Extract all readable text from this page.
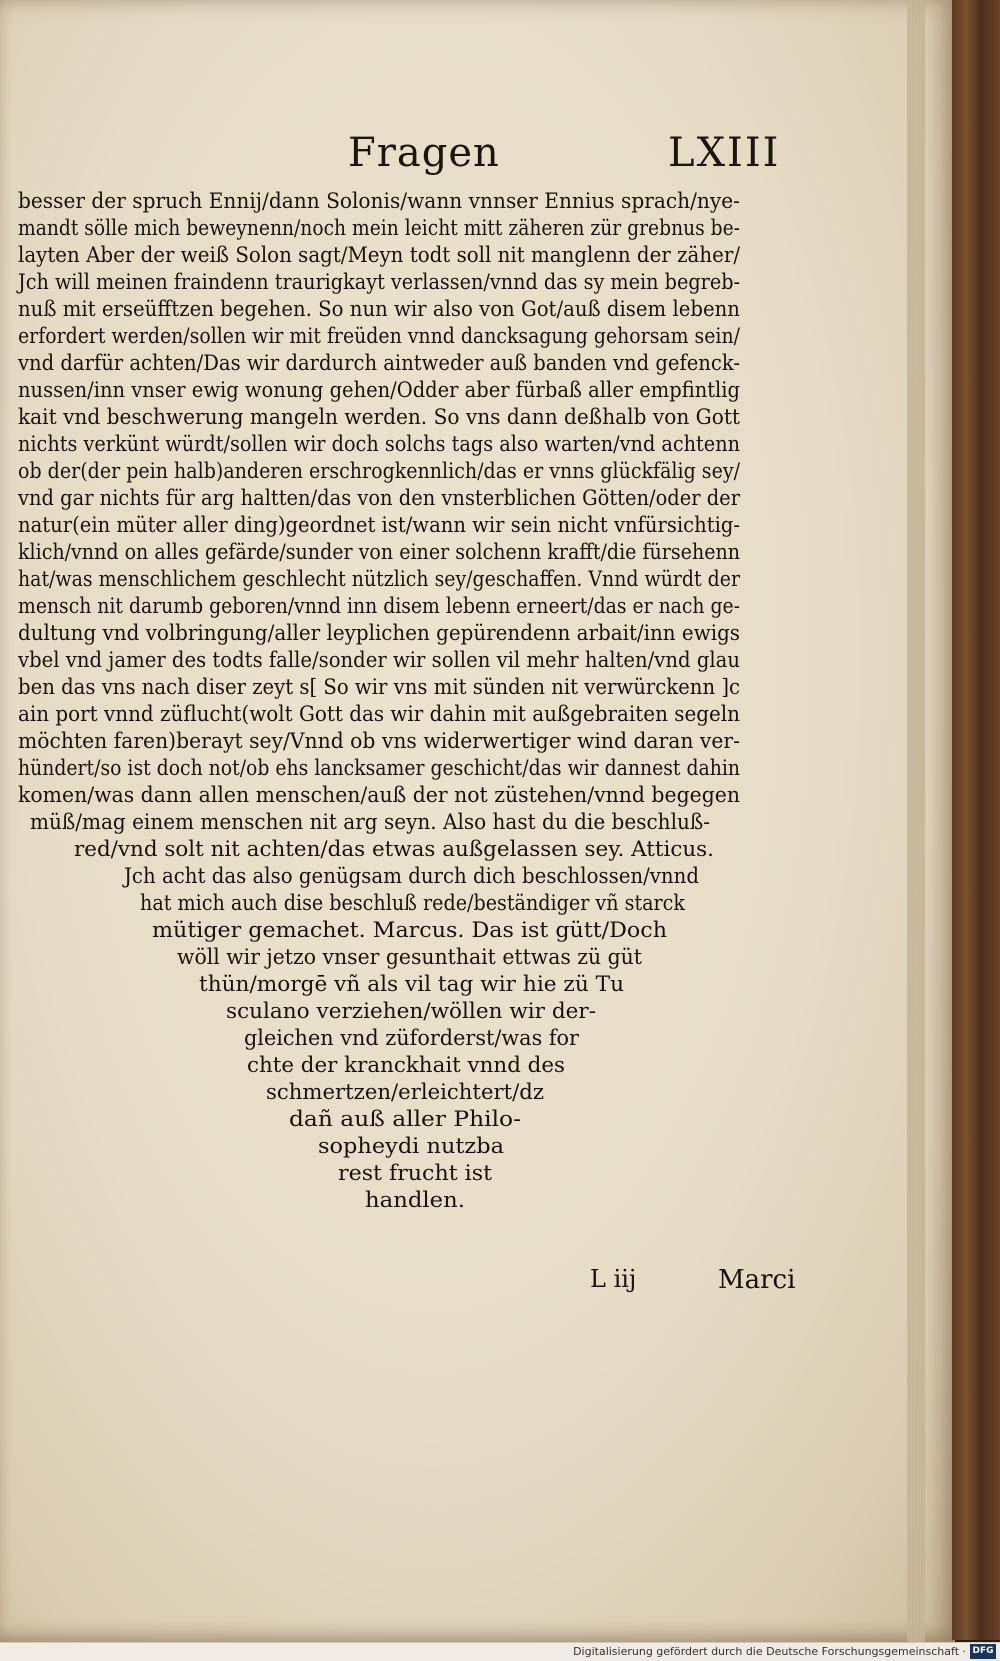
Fragen	LXIII
besser der spruch Ennij/dann Solonis/wann vnnser Ennius sprach/nye-
mandt sölle mich beweynenn/noch mein leicht mitt zäheren zür grebnus be-
layten Aber der weiß Solon sagt/Meyn todt soll nit manglenn der zäher/
Jch will meinen fraindenn traurigkayt verlassen/vnnd das sy mein begreb-
nuß mit erseüfftzen begehen. So nun wir also von Got/auß disem lebenn
erfordert werden/sollen wir mit freüden vnnd dancksagung gehorsam sein/
vnd darfür achten/Das wir dardurch aintweder auß banden vnd gefenck-
nussen/inn vnser ewig wonung gehen/Odder aber fürbaß aller empfintlig
kait vnd beschwerung mangeln werden. So vns dann deßhalb von Gott
nichts verkünt würdt/sollen wir doch solchs tags also warten/vnd achtenn
ob der(der pein halb)anderen erschrogkennlich/das er vnns glückfälig sey/
vnd gar nichts für arg haltten/das von den vnsterblichen Götten/oder der
natur(ein müter aller ding)geordnet ist/wann wir sein nicht vnfürsichtig-
klich/vnnd on alles gefärde/sunder von einer solchenn krafft/die fürsehenn
hat/was menschlichem geschlecht nützlich sey/geschaffen. Vnnd würdt der
mensch nit darumb geboren/vnnd inn disem lebenn erneert/das er nach ge-
dultung vnd volbringung/aller leyplichen gepürendenn arbait/inn ewigs
vbel vnd jamer des todts falle/sonder wir sollen vil mehr halten/vnd glau
ben das vns nach diser zeyt s[ So wir vns mit sünden nit verwürckenn ]c
ain port vnnd züflucht(wolt Gott das wir dahin mit außgebraiten segeln
möchten faren)berayt sey/Vnnd ob vns widerwertiger wind daran ver-
hündert/so ist doch not/ob ehs lancksamer geschicht/das wir dannest dahin
komen/was dann allen menschen/auß der not züstehen/vnnd begegen
müß/mag einem menschen nit arg seyn. Also hast du die beschluß-
red/vnd solt nit achten/das etwas außgelassen sey. Atticus.
Jch acht das also genügsam durch dich beschlossen/vnnd
hat mich auch dise beschluß rede/beständiger vñ starck
mütiger gemachet. Marcus. Das ist gütt/Doch
wöll wir jetzo vnser gesunthait ettwas zü güt
thün/morgē vñ als vil tag wir hie zü Tu
sculano verziehen/wöllen wir der-
gleichen vnd züforderst/was for
chte der kranckhait vnnd des
schmertzen/erleichtert/dz
dañ auß aller Philo-
sopheydi nutzba
rest frucht ist
handlen.
L iij	Marci
Digitalisierung gefördert durch die Deutsche Forschungsgemeinschaft · DFG
